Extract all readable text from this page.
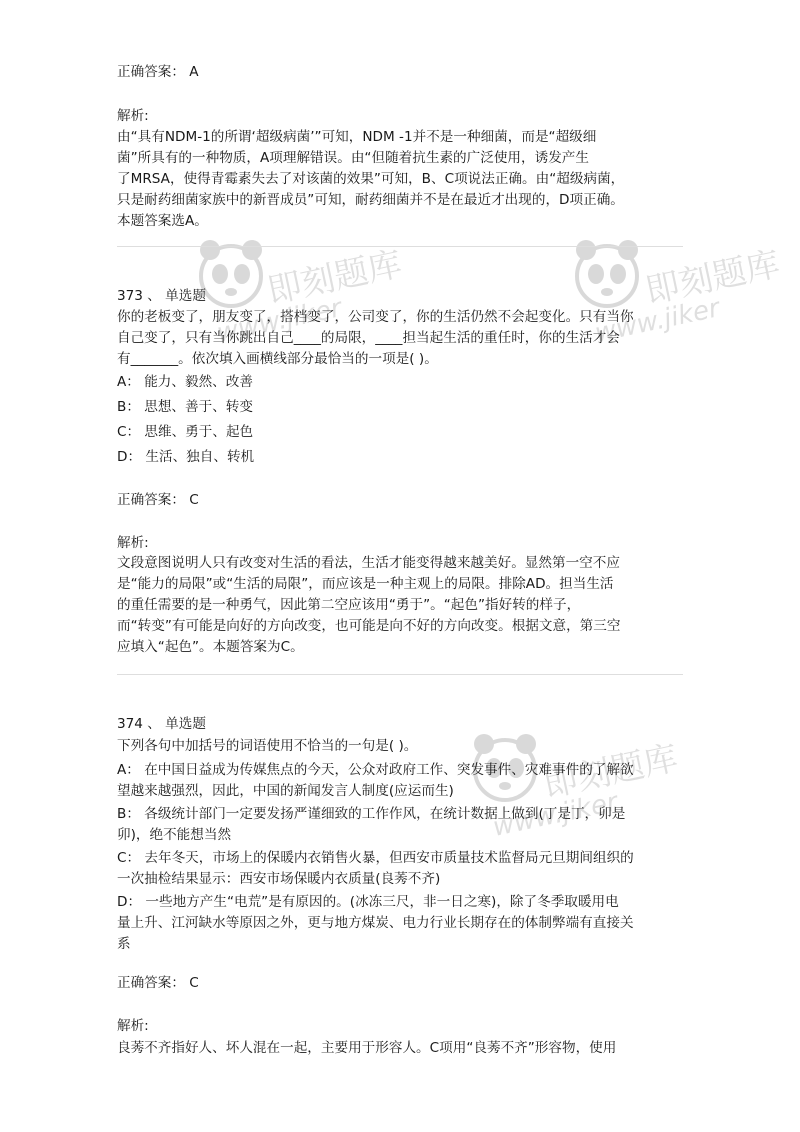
即刻题库
www.jiker
即刻题库
www.jiker
即刻题库
www.jiker
正确答案： A
解析:
由“具有NDM-1的所谓‘超级病菌’”可知，NDM -1并不是一种细菌，而是“超级细
菌”所具有的一种物质，A项理解错误。由“但随着抗生素的广泛使用，诱发产生
了MRSA，使得青霉素失去了对该菌的效果”可知，B、C项说法正确。由“超级病菌，
只是耐药细菌家族中的新晋成员”可知，耐药细菌并不是在最近才出现的，D项正确。
本题答案选A。
373 、 单选题
你的老板变了，朋友变了，搭档变了，公司变了，你的生活仍然不会起变化。只有当你
自己变了，只有当你跳出自己____的局限，____担当起生活的重任时，你的生活才会
有_______。依次填入画横线部分最恰当的一项是( )。
A： 能力、毅然、改善
B： 思想、善于、转变
C： 思维、勇于、起色
D： 生活、独自、转机
正确答案： C
解析:
文段意图说明人只有改变对生活的看法，生活才能变得越来越美好。显然第一空不应
是“能力的局限”或“生活的局限”，而应该是一种主观上的局限。排除AD。担当生活
的重任需要的是一种勇气，因此第二空应该用“勇于”。“起色”指好转的样子，
而“转变”有可能是向好的方向改变，也可能是向不好的方向改变。根据文意，第三空
应填入“起色”。本题答案为C。
374 、 单选题
下列各句中加括号的词语使用不恰当的一句是( )。
A： 在中国日益成为传媒焦点的今天，公众对政府工作、突发事件、灾难事件的了解欲
望越来越强烈，因此，中国的新闻发言人制度(应运而生)
B： 各级统计部门一定要发扬严谨细致的工作作风，在统计数据上做到(丁是丁，卯是
卯)，绝不能想当然
C： 去年冬天，市场上的保暖内衣销售火暴，但西安市质量技术监督局元旦期间组织的
一次抽检结果显示：西安市场保暖内衣质量(良莠不齐)
D： 一些地方产生“电荒”是有原因的。(冰冻三尺，非一日之寒)，除了冬季取暖用电
量上升、江河缺水等原因之外，更与地方煤炭、电力行业长期存在的体制弊端有直接关
系
正确答案： C
解析:
良莠不齐指好人、坏人混在一起，主要用于形容人。C项用“良莠不齐”形容物，使用
